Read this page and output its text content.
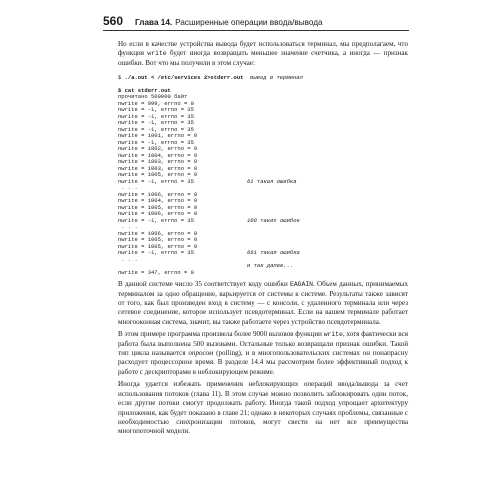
560 Глава 14. Расширенные операции ввода/вывода

Но если в качестве устройства вывода будет использоваться терминал, мы предполагаем, что функция write будет иногда возвращать меньшее значение счетчика, а иногда — признак ошибки. Вот что мы получили в этом случае:

$ ./a.out < /etc/services 2>stderr.out вывод в терминал
$ cat stderr.out
прочитано 500000 байт
nwrite = 999, errno = 0
nwrite = -1, errno = 35
nwrite = -1, errno = 35
nwrite = -1, errno = 35
nwrite = -1, errno = 35
nwrite = 1001, errno = 0
nwrite = -1, errno = 35
nwrite = 1002, errno = 0
nwrite = 1004, errno = 0
nwrite = 1003, errno = 0
nwrite = 1003, errno = 0
nwrite = 1005, errno = 0
nwrite = -1, errno = 35	61 такая ошибка
. . .
nwrite = 1006, errno = 0
nwrite = 1004, errno = 0
nwrite = 1005, errno = 0
nwrite = 1006, errno = 0
nwrite = -1, errno = 35	108 таких ошибок
. . .
nwrite = 1006, errno = 0
nwrite = 1005, errno = 0
nwrite = 1005, errno = 0
nwrite = -1, errno = 35	681 такая ошибка
. . .
и так далее...
nwrite = 347, errno = 0

В данной системе число 35 соответствует коду ошибки EAGAIN. Объем данных, принимаемых терминалом за одно обращение, варьируется от системы к системе. Результаты также зависят от того, как был произведен вход в систему — с консоли, с удаленного терминала или через сетевое соединение, которое использует псевдотерминал. Если на вашем терминале работает многооконная система, значит, вы также работаете через устройство псевдотерминала.

В этом примере программа произвела более 9000 вызовов функции write, хотя фактически вся работа была выполнена 500 вызовами. Остальные только возвращали признак ошибки. Такой тип цикла называется опросом (polling), и в многопользовательских системах он понапрасну расходует процессорное время. В разделе 14.4 мы рассмотрим более эффективный подход к работе с дескрипторами в неблокирующем режиме.

Иногда удается избежать применения неблокирующих операций ввода/вывода за счет использования потоков (глава 11). В этом случае можно позволить заблокировать один поток, если другие потоки смогут продолжать работу. Иногда такой подход упрощает архитектуру приложения, как будет показано в главе 21; однако в некоторых случаях проблемы, связанные с необходимостью синхронизации потоков, могут свести на нет все преимущества многопоточной модели.
